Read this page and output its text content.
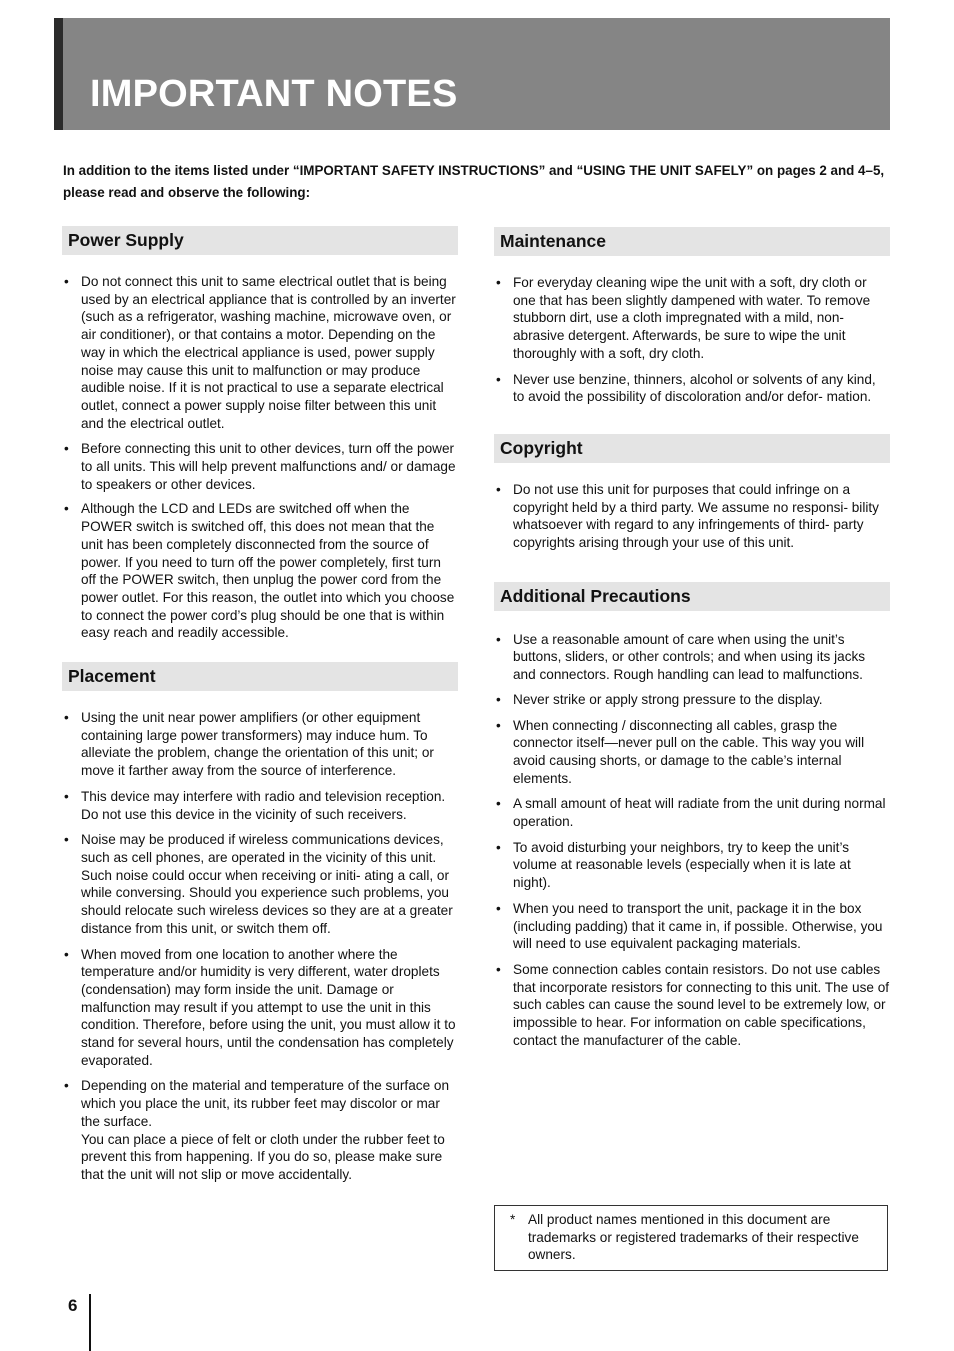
IMPORTANT NOTES

In addition to the items listed under “IMPORTANT SAFETY INSTRUCTIONS” and “USING THE UNIT SAFELY” on pages 2 and 4–5, please read and observe the following:

Power Supply
• Do not connect this unit to same electrical outlet that is being used by an electrical appliance that is controlled by an inverter (such as a refrigerator, washing machine, microwave oven, or air conditioner), or that contains a motor. Depending on the way in which the electrical appliance is used, power supply noise may cause this unit to malfunction or may produce audible noise. If it is not practical to use a separate electrical outlet, connect a power supply noise filter between this unit and the electrical outlet.
• Before connecting this unit to other devices, turn off the power to all units. This will help prevent malfunctions and/ or damage to speakers or other devices.
• Although the LCD and LEDs are switched off when the POWER switch is switched off, this does not mean that the unit has been completely disconnected from the source of power. If you need to turn off the power completely, first turn off the POWER switch, then unplug the power cord from the power outlet. For this reason, the outlet into which you choose to connect the power cord’s plug should be one that is within easy reach and readily accessible.
Placement
• Using the unit near power amplifiers (or other equipment containing large power transformers) may induce hum. To alleviate the problem, change the orientation of this unit; or move it farther away from the source of interference.
• This device may interfere with radio and television reception. Do not use this device in the vicinity of such receivers.
• Noise may be produced if wireless communications devices, such as cell phones, are operated in the vicinity of this unit. Such noise could occur when receiving or initi- ating a call, or while conversing. Should you experience such problems, you should relocate such wireless devices so they are at a greater distance from this unit, or switch them off.
• When moved from one location to another where the temperature and/or humidity is very different, water droplets (condensation) may form inside the unit. Damage or malfunction may result if you attempt to use the unit in this condition. Therefore, before using the unit, you must allow it to stand for several hours, until the condensation has completely evaporated.
• Depending on the material and temperature of the surface on which you place the unit, its rubber feet may discolor or mar the surface.
You can place a piece of felt or cloth under the rubber feet to prevent this from happening. If you do so, please make sure that the unit will not slip or move accidentally.
Maintenance
• For everyday cleaning wipe the unit with a soft, dry cloth or one that has been slightly dampened with water. To remove stubborn dirt, use a cloth impregnated with a mild, non-abrasive detergent. Afterwards, be sure to wipe the unit thoroughly with a soft, dry cloth.
• Never use benzine, thinners, alcohol or solvents of any kind, to avoid the possibility of discoloration and/or defor- mation.
Copyright
• Do not use this unit for purposes that could infringe on a copyright held by a third party. We assume no responsi- bility whatsoever with regard to any infringements of third- party copyrights arising through your use of this unit.
Additional Precautions
• Use a reasonable amount of care when using the unit’s buttons, sliders, or other controls; and when using its jacks and connectors. Rough handling can lead to malfunctions.
• Never strike or apply strong pressure to the display.
• When connecting / disconnecting all cables, grasp the connector itself—never pull on the cable. This way you will avoid causing shorts, or damage to the cable’s internal elements.
• A small amount of heat will radiate from the unit during normal operation.
• To avoid disturbing your neighbors, try to keep the unit’s volume at reasonable levels (especially when it is late at night).
• When you need to transport the unit, package it in the box (including padding) that it came in, if possible. Otherwise, you will need to use equivalent packaging materials.
• Some connection cables contain resistors. Do not use cables that incorporate resistors for connecting to this unit. The use of such cables can cause the sound level to be extremely low, or impossible to hear. For information on cable specifications, contact the manufacturer of the cable.
* All product names mentioned in this document are trademarks or registered trademarks of their respective owners.

6
